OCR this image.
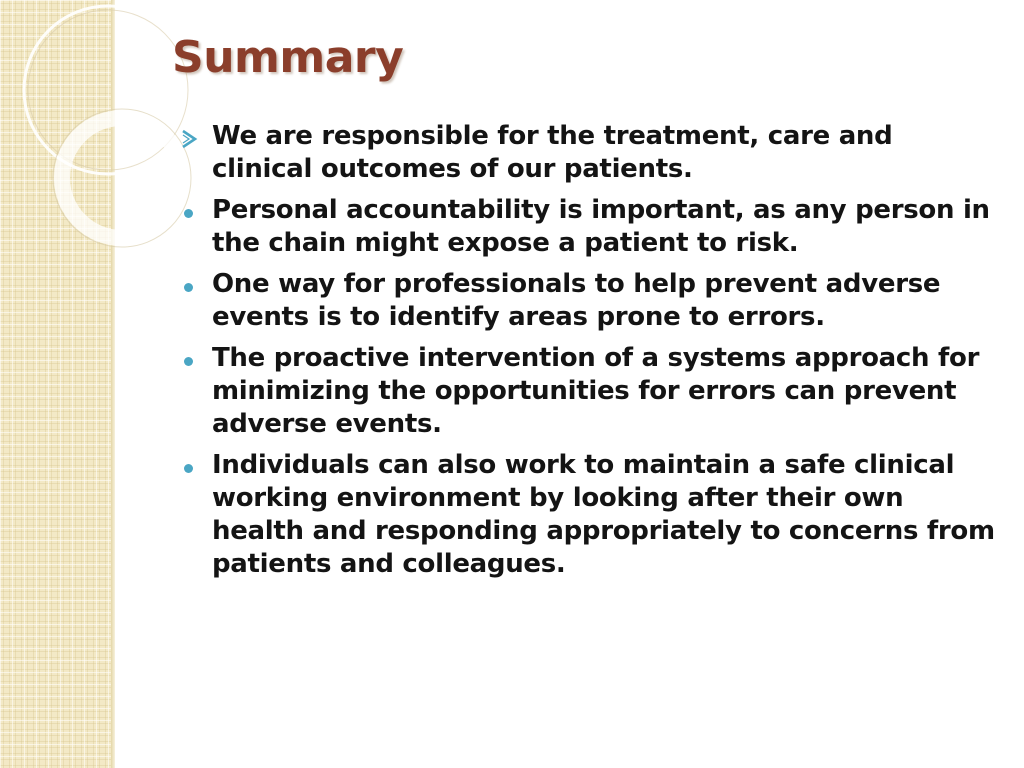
Summary
We are responsible for the treatment, care and clinical outcomes of our patients.
Personal accountability is important, as any person in the chain might expose a patient to risk.
One way for professionals to help prevent adverse events is to identify areas prone to errors.
The proactive intervention of a systems approach for minimizing the opportunities for errors can prevent adverse events.
Individuals can also work to maintain a safe clinical working environment by looking after their own health and responding appropriately to concerns from patients and colleagues.
